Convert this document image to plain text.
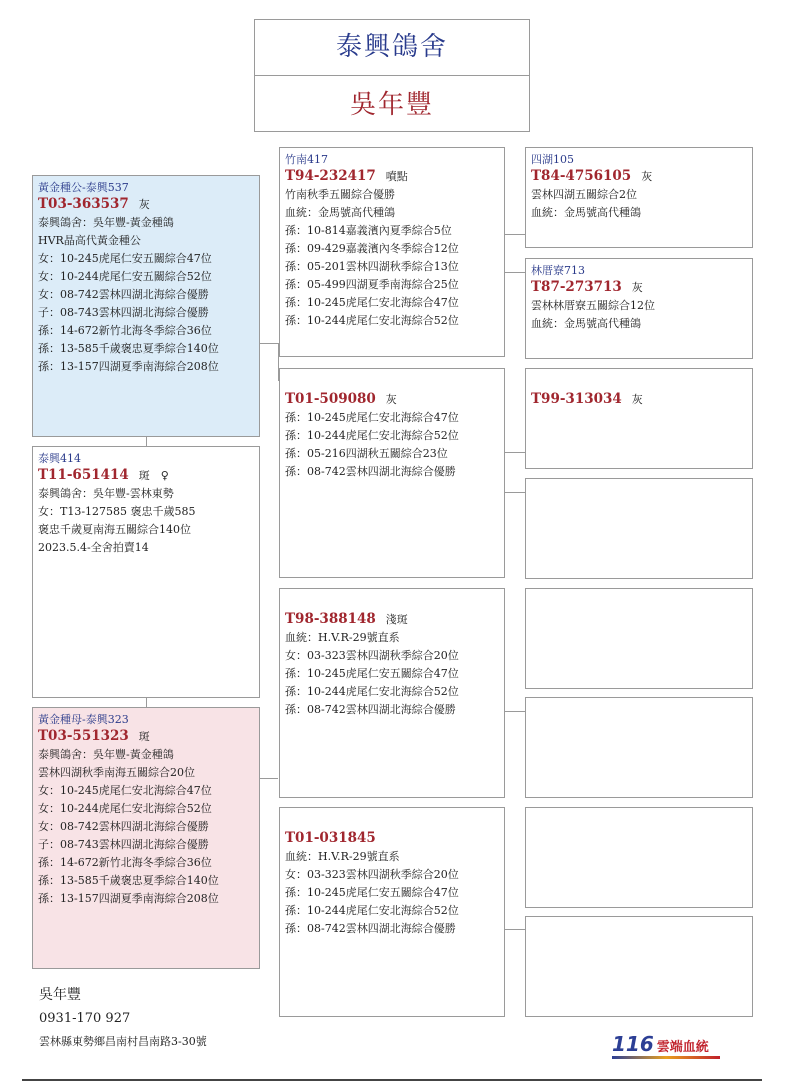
泰興鴿舍
吳年豐
黃金種公-泰興537
T03-363537 灰
泰興鴿舍：吳年豐-黃金種鴿
HVR晶高代黃金種公
女：10-245虎尾仁安五關綜合47位
女：10-244虎尾仁安五關綜合52位
女：08-742雲林四湖北海綜合優勝
子：08-743雲林四湖北海綜合優勝
孫：14-672新竹北海冬季綜合36位
孫：13-585千歲褒忠夏季綜合140位
孫：13-157四湖夏季南海綜合208位
泰興414
T11-651414 斑　♀
泰興鴿舍：吳年豐-雲林東勢
女：T13-127585 褒忠千歲585
褒忠千歲夏南海五關綜合140位
2023.5.4-全舍拍賣14
黃金種母-泰興323
T03-551323 斑
泰興鴿舍：吳年豐-黃金種鴿
雲林四湖秋季南海五關綜合20位
女：10-245虎尾仁安北海綜合47位
女：10-244虎尾仁安北海綜合52位
女：08-742雲林四湖北海綜合優勝
子：08-743雲林四湖北海綜合優勝
孫：14-672新竹北海冬季綜合36位
孫：13-585千歲褒忠夏季綜合140位
孫：13-157四湖夏季南海綜合208位
竹南417
T94-232417 噴點
竹南秋季五關綜合優勝
血統：金馬號高代種鴿
孫：10-814嘉義濱內夏季綜合5位
孫：09-429嘉義濱內冬季綜合12位
孫：05-201雲林四湖秋季綜合13位
孫：05-499四湖夏季南海綜合25位
孫：10-245虎尾仁安北海綜合47位
孫：10-244虎尾仁安北海綜合52位
T01-509080 灰
孫：10-245虎尾仁安北海綜合47位
孫：10-244虎尾仁安北海綜合52位
孫：05-216四湖秋五關綜合23位
孫：08-742雲林四湖北海綜合優勝
T98-388148 淺斑
血統：H.V.R-29號直系
女：03-323雲林四湖秋季綜合20位
孫：10-245虎尾仁安五關綜合47位
孫：10-244虎尾仁安北海綜合52位
孫：08-742雲林四湖北海綜合優勝
T01-031845
血統：H.V.R-29號直系
女：03-323雲林四湖秋季綜合20位
孫：10-245虎尾仁安五關綜合47位
孫：10-244虎尾仁安北海綜合52位
孫：08-742雲林四湖北海綜合優勝
四湖105
T84-4756105 灰
雲林四湖五關綜合2位
血統：金馬號高代種鴿
林厝寮713
T87-273713 灰
雲林林厝寮五關綜合12位
血統：金馬號高代種鴿
T99-313034 灰
吳年豐
0931-170 927
雲林縣東勢鄉昌南村昌南路3-30號	116 雲端血統
